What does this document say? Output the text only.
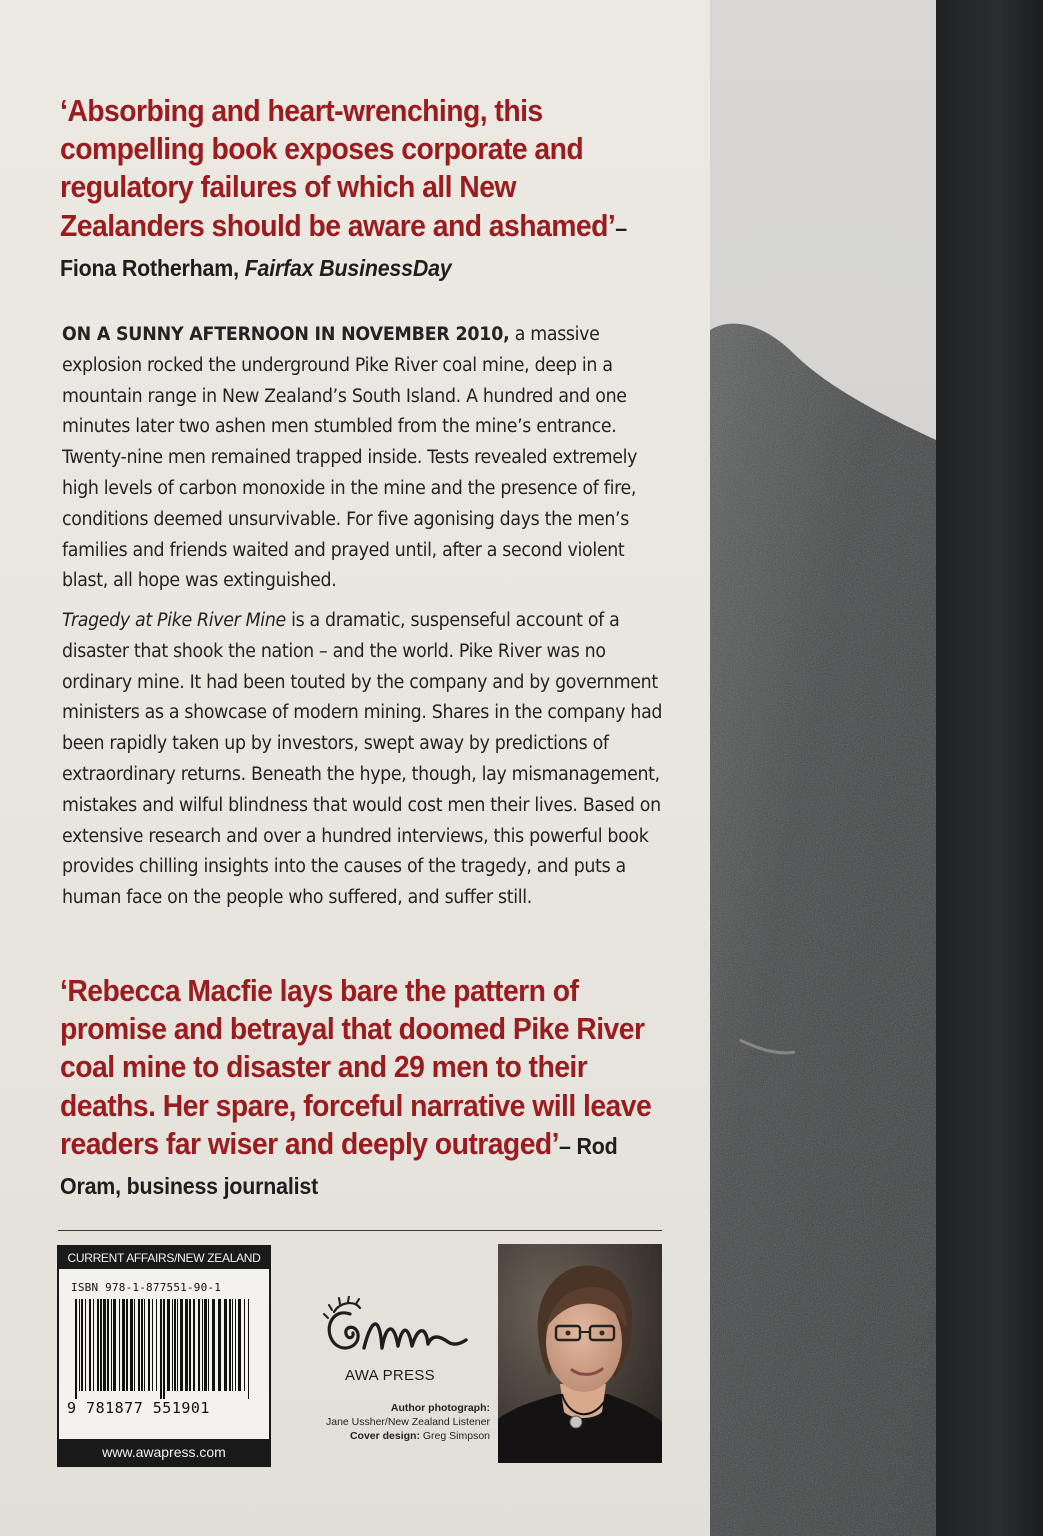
‘Absorbing and heart-wrenching, this compelling book exposes corporate and regulatory failures of which all New Zealanders should be aware and ashamed’– Fiona Rotherham, Fairfax BusinessDay

ON A SUNNY AFTERNOON IN NOVEMBER 2010, a massive explosion rocked the underground Pike River coal mine, deep in a mountain range in New Zealand’s South Island. A hundred and one minutes later two ashen men stumbled from the mine’s entrance. Twenty-nine men remained trapped inside. Tests revealed extremely high levels of carbon monoxide in the mine and the presence of fire, conditions deemed unsurvivable. For five agonising days the men’s families and friends waited and prayed until, after a second violent blast, all hope was extinguished.

Tragedy at Pike River Mine is a dramatic, suspenseful account of a disaster that shook the nation – and the world. Pike River was no ordinary mine. It had been touted by the company and by government ministers as a showcase of modern mining. Shares in the company had been rapidly taken up by investors, swept away by predictions of extraordinary returns. Beneath the hype, though, lay mismanagement, mistakes and wilful blindness that would cost men their lives. Based on extensive research and over a hundred interviews, this powerful book provides chilling insights into the causes of the tragedy, and puts a human face on the people who suffered, and suffer still.

‘Rebecca Macfie lays bare the pattern of promise and betrayal that doomed Pike River coal mine to disaster and 29 men to their deaths. Her spare, forceful narrative will leave readers far wiser and deeply outraged’– Rod Oram, business journalist

CURRENT AFFAIRS/NEW ZEALAND
ISBN 978-1-877551-90-1
9 781877 551901
www.awapress.com
AWA PRESS
Author photograph:
Jane Ussher/New Zealand Listener
Cover design: Greg Simpson
